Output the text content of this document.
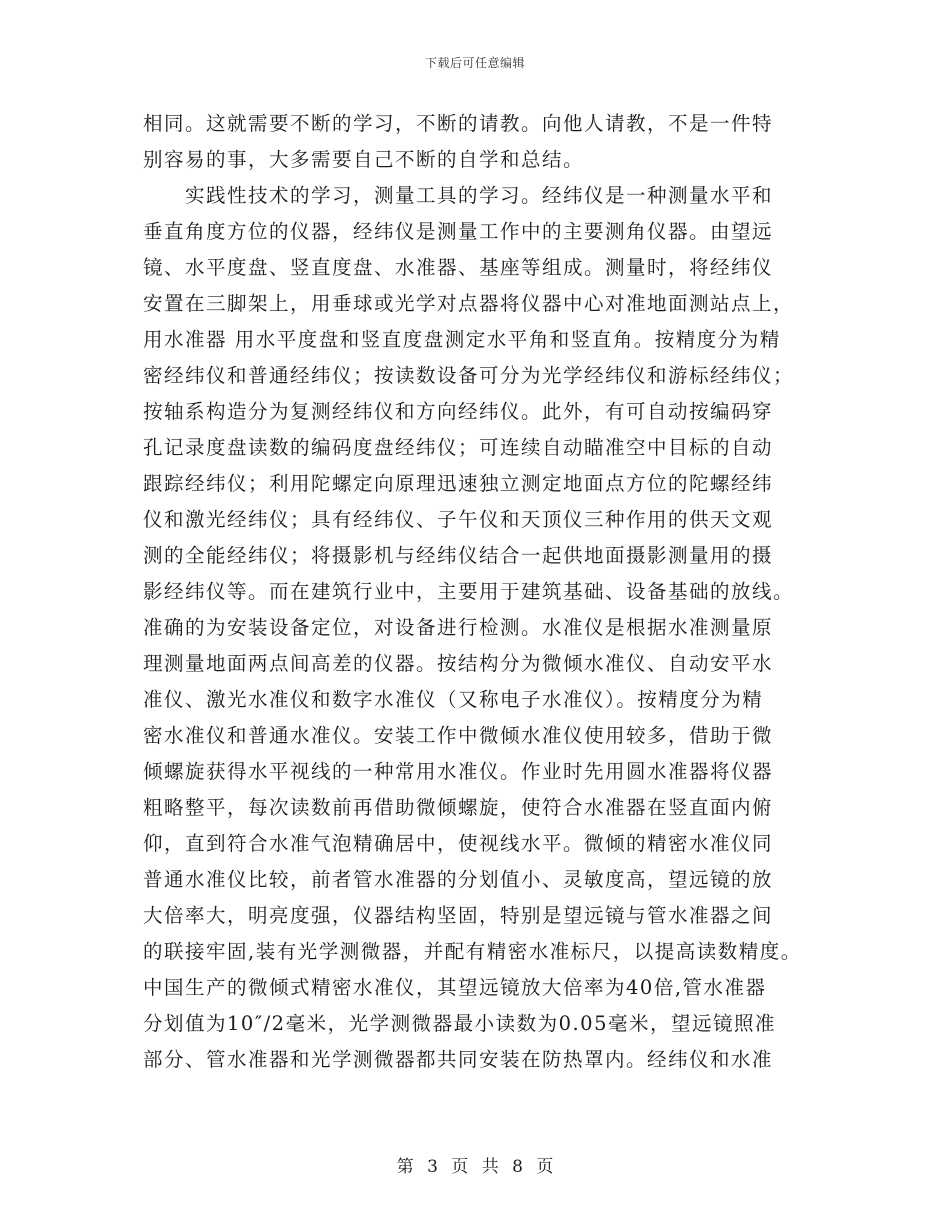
下载后可任意编辑
相同。这就需要不断的学习，不断的请教。向他人请教，不是一件特
别容易的事，大多需要自己不断的自学和总结。
　　实践性技术的学习，测量工具的学习。经纬仪是一种测量水平和
垂直角度方位的仪器，经纬仪是测量工作中的主要测角仪器。由望远
镜、水平度盘、竖直度盘、水准器、基座等组成。测量时，将经纬仪
安置在三脚架上，用垂球或光学对点器将仪器中心对准地面测站点上，
用水准器 用水平度盘和竖直度盘测定水平角和竖直角。按精度分为精
密经纬仪和普通经纬仪；按读数设备可分为光学经纬仪和游标经纬仪；
按轴系构造分为复测经纬仪和方向经纬仪。此外，有可自动按编码穿
孔记录度盘读数的编码度盘经纬仪；可连续自动瞄准空中目标的自动
跟踪经纬仪；利用陀螺定向原理迅速独立测定地面点方位的陀螺经纬
仪和激光经纬仪；具有经纬仪、子午仪和天顶仪三种作用的供天文观
测的全能经纬仪；将摄影机与经纬仪结合一起供地面摄影测量用的摄
影经纬仪等。而在建筑行业中，主要用于建筑基础、设备基础的放线。
准确的为安装设备定位，对设备进行检测。水准仪是根据水准测量原
理测量地面两点间高差的仪器。按结构分为微倾水准仪、自动安平水
准仪、激光水准仪和数字水准仪（又称电子水准仪）。按精度分为精
密水准仪和普通水准仪。安装工作中微倾水准仪使用较多，借助于微
倾螺旋获得水平视线的一种常用水准仪。作业时先用圆水准器将仪器
粗略整平，每次读数前再借助微倾螺旋，使符合水准器在竖直面内俯
仰，直到符合水准气泡精确居中，使视线水平。微倾的精密水准仪同
普通水准仪比较，前者管水准器的分划值小、灵敏度高，望远镜的放
大倍率大，明亮度强，仪器结构坚固，特别是望远镜与管水准器之间
的联接牢固,装有光学测微器，并配有精密水准标尺，以提高读数精度。
中国生产的微倾式精密水准仪，其望远镜放大倍率为40倍,管水准器
分划值为10″/2毫米，光学测微器最小读数为0.05毫米，望远镜照准
部分、管水准器和光学测微器都共同安装在防热罩内。经纬仪和水准
第 3 页 共 8 页
